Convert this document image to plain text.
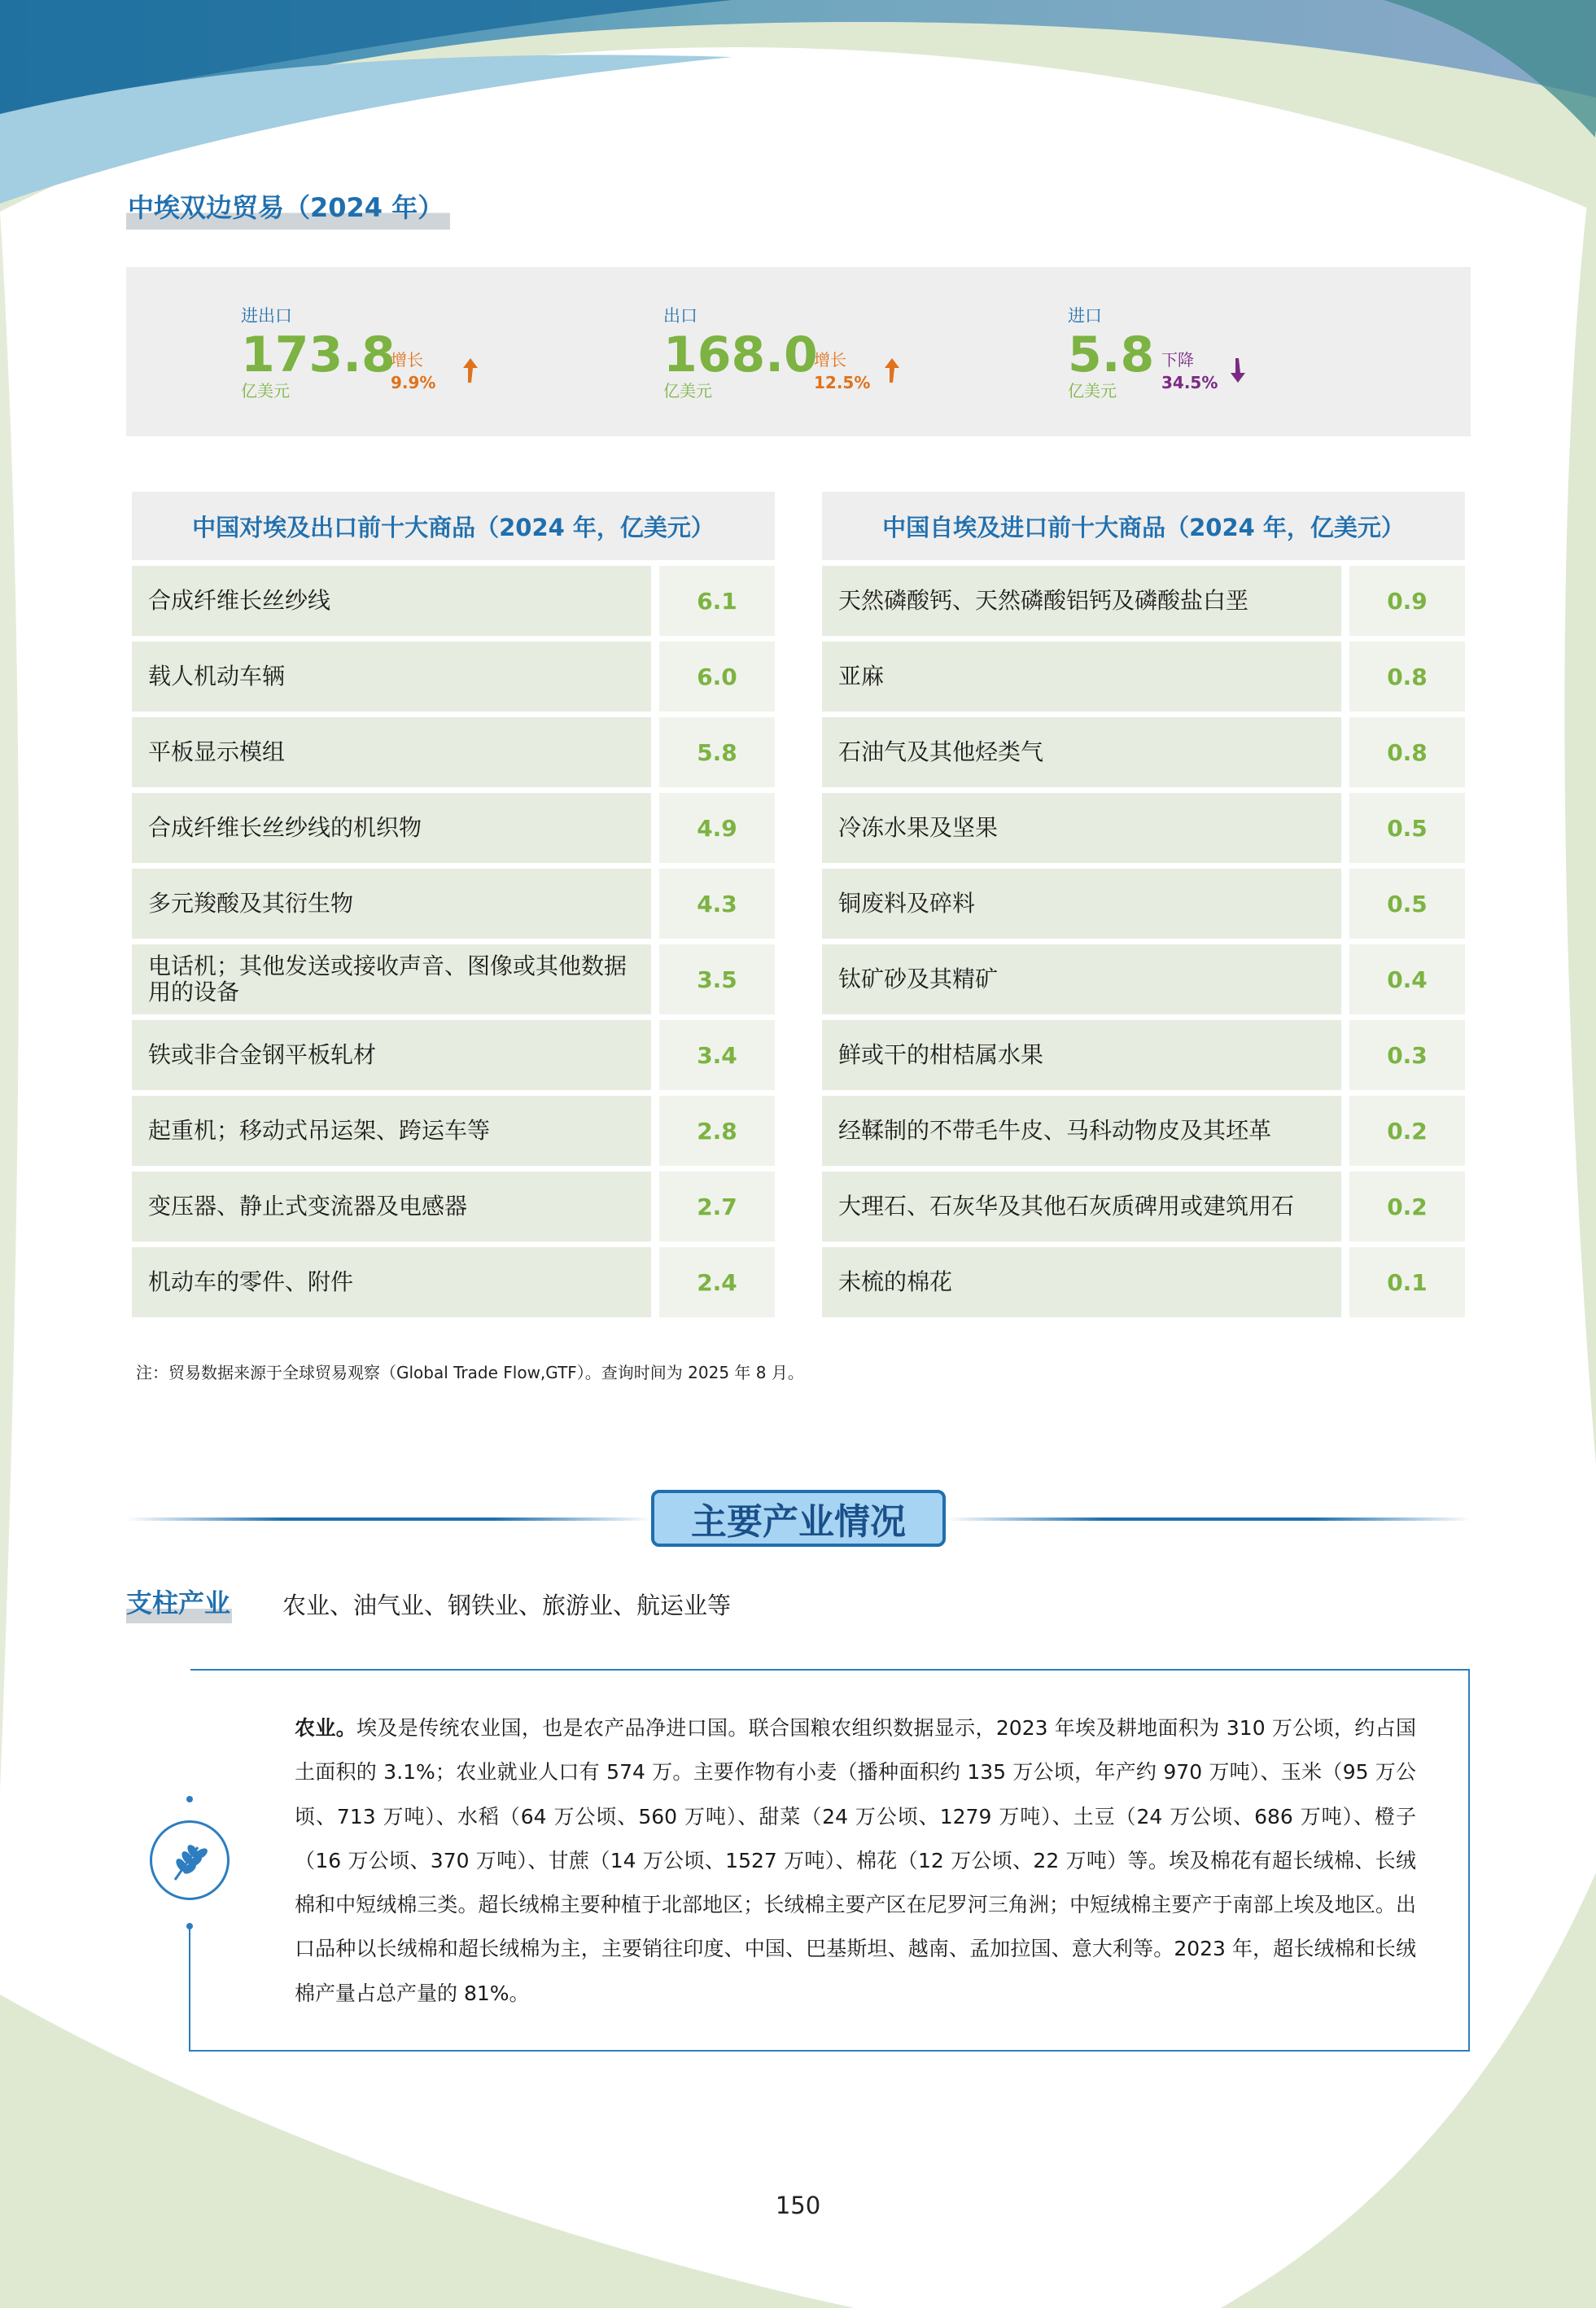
中埃双边贸易（2024 年）
进出口
173.8
亿美元
增长
9.9%
出口
168.0
亿美元
增长
12.5%
进口
5.8
亿美元
下降
34.5%
中国对埃及出口前十大商品（2024 年，亿美元）
合成纤维长丝纱线	6.1
载人机动车辆	6.0
平板显示模组	5.8
合成纤维长丝纱线的机织物	4.9
多元羧酸及其衍生物	4.3
电话机；其他发送或接收声音、图像或其他数据用的设备	3.5
铁或非合金钢平板轧材	3.4
起重机；移动式吊运架、跨运车等	2.8
变压器、静止式变流器及电感器	2.7
机动车的零件、附件	2.4
中国自埃及进口前十大商品（2024 年，亿美元）
天然磷酸钙、天然磷酸铝钙及磷酸盐白垩	0.9
亚麻	0.8
石油气及其他烃类气	0.8
冷冻水果及坚果	0.5
铜废料及碎料	0.5
钛矿砂及其精矿	0.4
鲜或干的柑桔属水果	0.3
经鞣制的不带毛牛皮、马科动物皮及其坯革	0.2
大理石、石灰华及其他石灰质碑用或建筑用石	0.2
未梳的棉花	0.1
注：贸易数据来源于全球贸易观察（Global Trade Flow,GTF）。查询时间为 2025 年 8 月。
主要产业情况
支柱产业 农业、油气业、钢铁业、旅游业、航运业等
农业。埃及是传统农业国，也是农产品净进口国。联合国粮农组织数据显示，2023 年埃及耕地面积为 310 万公顷，约占国土面积的 3.1%；农业就业人口有 574 万。主要作物有小麦（播种面积约 135 万公顷，年产约 970 万吨）、玉米（95 万公顷、713 万吨）、水稻（64 万公顷、560 万吨）、甜菜（24 万公顷、1279 万吨）、土豆（24 万公顷、686 万吨）、橙子（16 万公顷、370 万吨）、甘蔗（14 万公顷、1527 万吨）、棉花（12 万公顷、22 万吨）等。埃及棉花有超长绒棉、长绒棉和中短绒棉三类。超长绒棉主要种植于北部地区；长绒棉主要产区在尼罗河三角洲；中短绒棉主要产于南部上埃及地区。出口品种以长绒棉和超长绒棉为主，主要销往印度、中国、巴基斯坦、越南、孟加拉国、意大利等。2023 年，超长绒棉和长绒棉产量占总产量的 81%。
150
